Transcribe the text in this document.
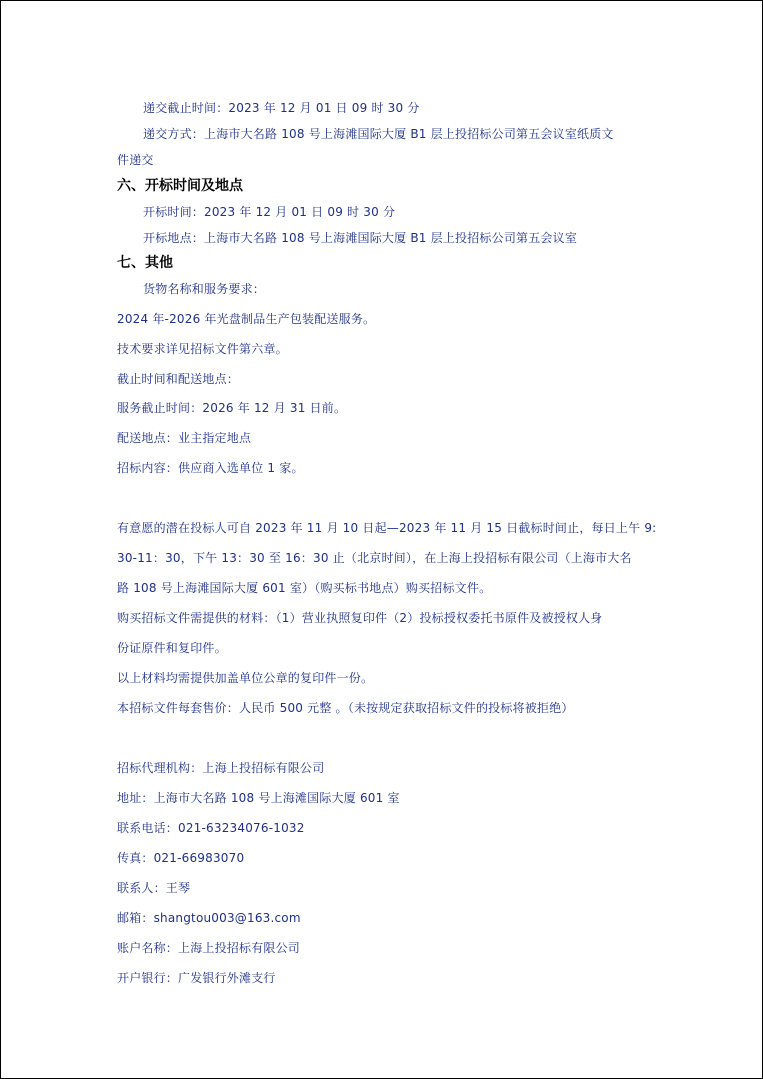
递交截止时间：2023 年 12 月 01 日 09 时 30 分
递交方式：上海市大名路 108 号上海滩国际大厦 B1 层上投招标公司第五会议室纸质文
件递交
六、开标时间及地点
开标时间：2023 年 12 月 01 日 09 时 30 分
开标地点：上海市大名路 108 号上海滩国际大厦 B1 层上投招标公司第五会议室
七、其他
货物名称和服务要求：
2024 年-2026 年光盘制品生产包装配送服务。
技术要求详见招标文件第六章。
截止时间和配送地点：
服务截止时间：2026 年 12 月 31 日前。
配送地点：业主指定地点
招标内容：供应商入选单位 1 家。
有意愿的潜在投标人可自 2023 年 11 月 10 日起—2023 年 11 月 15 日截标时间止，每日上午 9:
30-11：30，下午 13：30 至 16：30 止（北京时间），在上海上投招标有限公司（上海市大名
路 108 号上海滩国际大厦 601 室）（购买标书地点）购买招标文件。
购买招标文件需提供的材料：（1）营业执照复印件（2）投标授权委托书原件及被授权人身
份证原件和复印件。
以上材料均需提供加盖单位公章的复印件一份。
本招标文件每套售价：人民币 500 元整 。（未按规定获取招标文件的投标将被拒绝）
招标代理机构：上海上投招标有限公司
地址：上海市大名路 108 号上海滩国际大厦 601 室
联系电话：021-63234076-1032
传真：021-66983070
联系人：王琴
邮箱：shangtou003@163.com
账户名称：上海上投招标有限公司
开户银行：广发银行外滩支行
